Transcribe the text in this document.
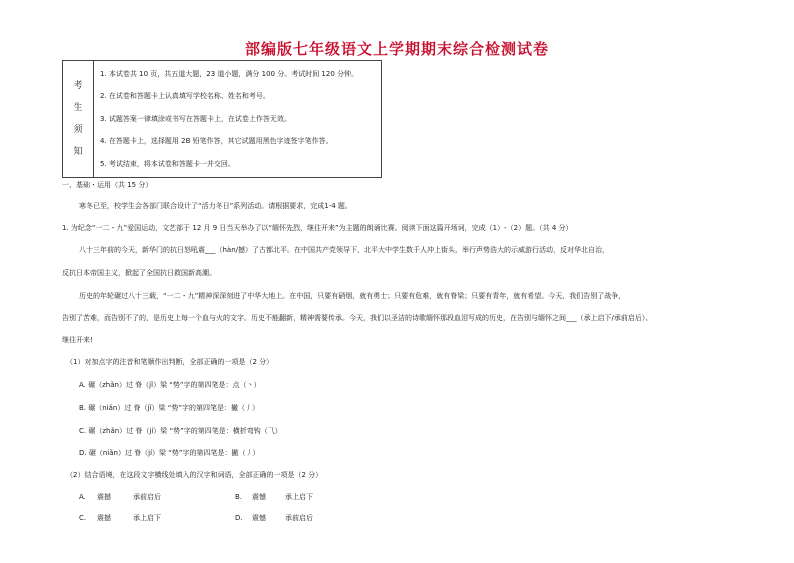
部编版七年级语文上学期期末综合检测试卷
考
生
须
知

1. 本试卷共 10 页，共五道大题，23 道小题，满分 100 分。考试时间 120 分钟。
2. 在试卷和答题卡上认真填写学校名称、姓名和考号。
3. 试题答案一律填涂或书写在答题卡上，在试卷上作答无效。
4. 在答题卡上，选择题用 2B 铅笔作答，其它试题用黑色字迹签字笔作答。
5. 考试结束，将本试卷和答题卡一并交回。
一、基础・运用（共 15 分）
寒冬已至，校学生会各部门联合设计了“活力冬日”系列活动。请根据要求，完成1-4 题。
1. 为纪念“一二・九”爱国运动，文艺部于 12 月 9 日当天举办了以“缅怀先烈，继往开来”为主题的朗诵比赛。阅读下面这篇开场词，完成（1）-（2）题。（共 4 分）
八十三年前的今天，新华门的抗日怒吼震___（hàn/撼）了古都北平。在中国共产党领导下，北平大中学生数千人冲上街头，举行声势浩大的示威游行活动，反对华北自治，
反抗日本帝国主义，掀起了全国抗日救国新高潮。
历史的年轮碾过八十三载，“一二・九”精神深深刻进了中华大地上。在中国，只要有硝烟，就有勇士；只要有危难，就有脊梁；只要有青年，就有希望。今天，我们告别了战争，
告别了苦难，而告别不了的，是历史上每一个血与火的文字。历史不能翻新，精神需要传承。今天，我们以圣洁的诗歌缅怀那段血泪写成的历史，在告别与缅怀之间___（承上启下/承前启后）、
继往开来!
（1）对加点字的注音和笔顺作出判断，全部正确的一项是（2 分）
A. 碾（zhǎn）过 脊（jǐ）梁 “势”字的第四笔是：点（丶）
B. 碾（niǎn）过 脊（jǐ）梁 “势”字的第四笔是：撇（丿）
C. 碾（zhǎn）过 脊（jí）梁 “势”字的第四笔是：横折弯钩（⺄）
D. 碾（niǎn）过 脊（jí）梁 “势”字的第四笔是：撇（丿）
（2）结合语境，在这段文字横线处填入的汉字和词语，全部正确的一项是（2 分）
A. 震撼	承前启后	B. 震憾	承上启下
C. 震撼	承上启下	D. 震憾	承前启后
